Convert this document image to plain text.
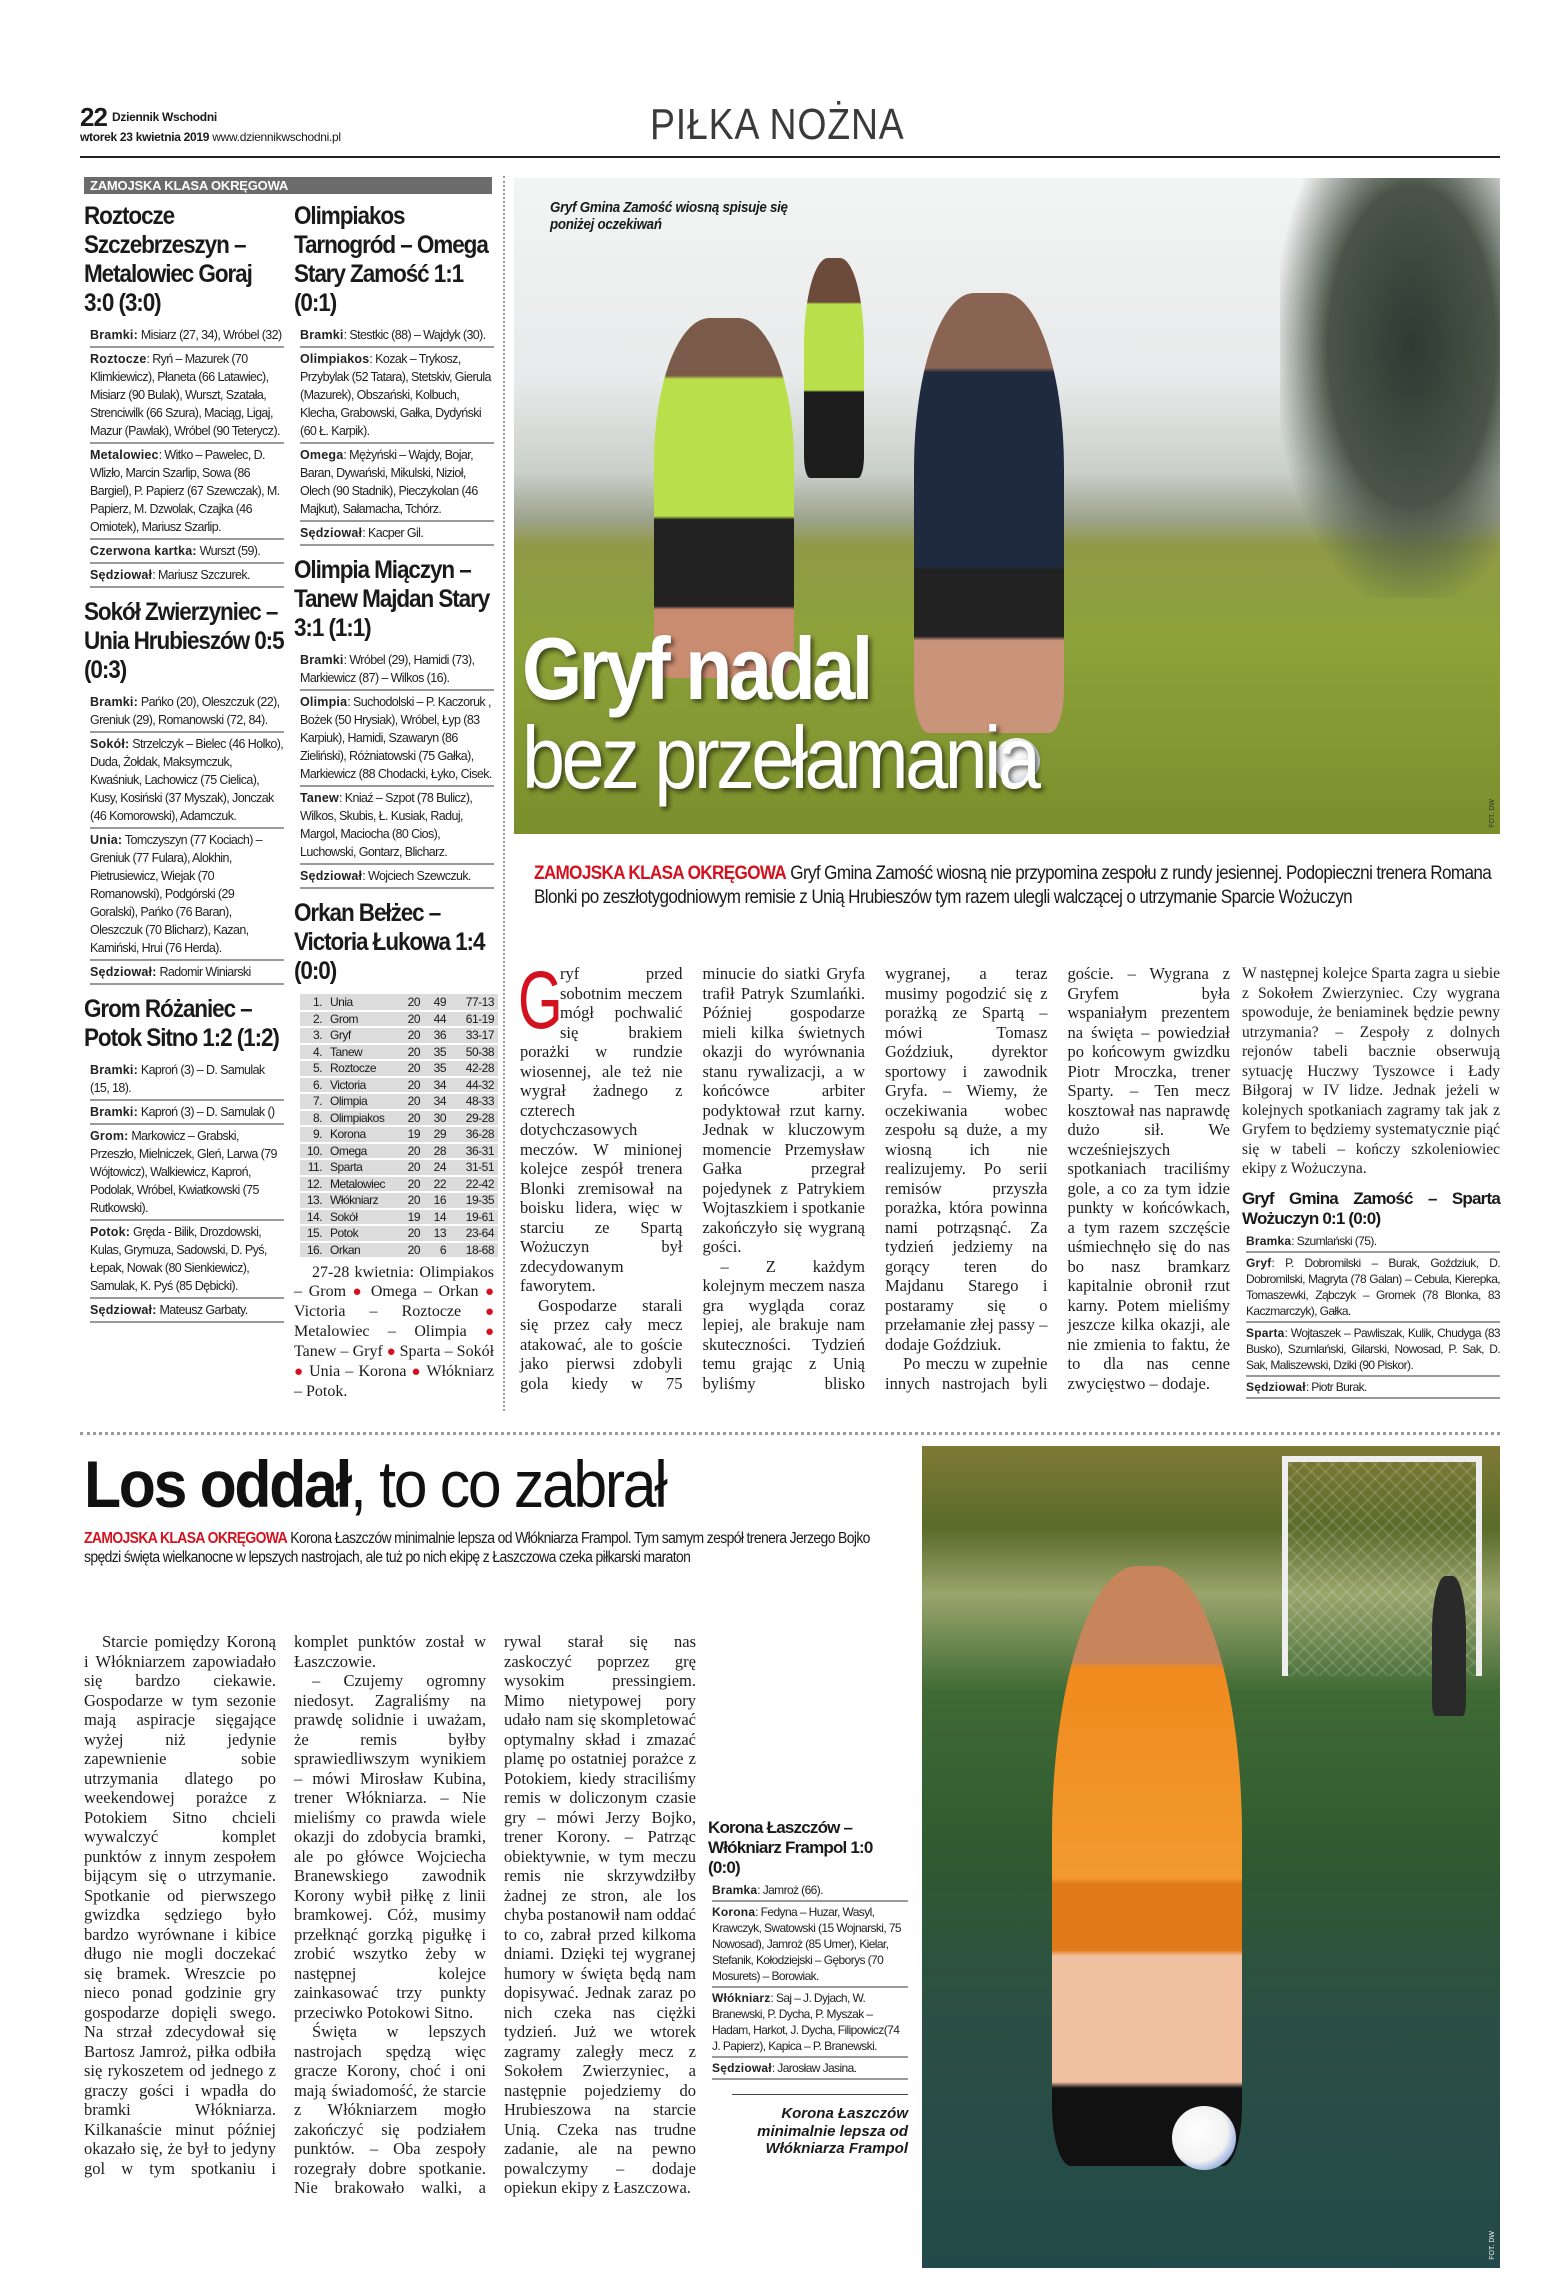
22 Dziennik Wschodni
wtorek 23 kwietnia 2019 www.dziennikwschodni.pl	PIŁKA NOŻNA
ZAMOJSKA KLASA OKRĘGOWA
Roztocze Szczebrzeszyn – Metalowiec Goraj 3:0 (3:0)
Bramki: Misiarz (27, 34), Wróbel (32)
Roztocze: Ryń – Mazurek (70 Klimkiewicz), Płaneta (66 Latawiec), Misiarz (90 Bulak), Wurszt, Szatała, Strenciwilk (66 Szura), Maciąg, Ligaj, Mazur (Pawlak), Wróbel (90 Teterycz).
Metalowiec: Witko – Pawelec, D. Wlizło, Marcin Szarlip, Sowa (86 Bargiel), P. Papierz (67 Szewczak), M. Papierz, M. Dzwolak, Czajka (46 Omiotek), Mariusz Szarlip.
Czerwona kartka: Wurszt (59).
Sędziował: Mariusz Szczurek.
Sokół Zwierzyniec – Unia Hrubieszów 0:5 (0:3)
Bramki: Pańko (20), Oleszczuk (22), Greniuk (29), Romanowski (72, 84).
Sokół: Strzelczyk – Bielec (46 Holko), Duda, Żołdak, Maksymczuk, Kwaśniuk, Lachowicz (75 Cielica), Kusy, Kosiński (37 Myszak), Jonczak (46 Komorowski), Adamczuk.
Unia: Tomczyszyn (77 Kociach) – Greniuk (77 Fulara), Alokhin, Pietrusiewicz, Wiejak (70 Romanowski), Podgórski (29 Goralski), Pańko (76 Baran), Oleszczuk (70 Blicharz), Kazan, Kamiński, Hrui (76 Herda).
Sędziował: Radomir Winiarski
Grom Różaniec – Potok Sitno 1:2 (1:2)
Bramki: Kaproń (3) – D. Samulak (15, 18).
Bramki: Kaproń (3) – D. Samulak ()
Grom: Markowicz – Grabski, Przeszło, Mielniczek, Gleń, Larwa (79 Wójtowicz), Walkiewicz, Kaproń, Podolak, Wróbel, Kwiatkowski (75 Rutkowski).
Potok: Gręda - Bilik, Drozdowski, Kulas, Grymuza, Sadowski, D. Pyś, Łepak, Nowak (80 Sienkiewicz), Samulak, K. Pyś (85 Dębicki).
Sędziował: Mateusz Garbaty.
Olimpiakos Tarnogród – Omega Stary Zamość 1:1 (0:1)
Bramki: Stestkic (88) – Wajdyk (30).
Olimpiakos: Kozak – Trykosz, Przybylak (52 Tatara), Stetskiv, Gierula (Mazurek), Obszański, Kolbuch, Klecha, Grabowski, Gałka, Dydyński (60 Ł. Karpik).
Omega: Mężyński – Wajdy, Bojar, Baran, Dywański, Mikulski, Nizioł, Olech (90 Stadnik), Pieczykolan (46 Majkut), Sałamacha, Tchórz.
Sędziował: Kacper Gil.
Olimpia Miączyn – Tanew Majdan Stary 3:1 (1:1)
Bramki: Wróbel (29), Hamidi (73), Markiewicz (87) – Wilkos (16).
Olimpia: Suchodolski – P. Kaczoruk , Bożek (50 Hrysiak), Wróbel, Łyp (83 Karpiuk), Hamidi, Szawaryn (86 Zieliński), Różniatowski (75 Gałka), Markiewicz (88 Chodacki, Łyko, Cisek.
Tanew: Kniaź – Szpot (78 Bulicz), Wilkos, Skubis, Ł. Kusiak, Raduj, Margol, Maciocha (80 Cios), Luchowski, Gontarz, Blicharz.
Sędziował: Wojciech Szewczuk.
Orkan Bełżec – Victoria Łukowa 1:4 (0:0)
1.	Unia	20	49	77-13
2.	Grom	20	44	61-19
3.	Gryf	20	36	33-17
4.	Tanew	20	35	50-38
5.	Roztocze	20	35	42-28
6.	Victoria	20	34	44-32
7.	Olimpia	20	34	48-33
8.	Olimpiakos	20	30	29-28
9.	Korona	19	29	36-28
10.	Omega	20	28	36-31
11.	Sparta	20	24	31-51
12.	Metalowiec	20	22	22-42
13.	Włókniarz	20	16	19-35
14.	Sokół	19	14	19-61
15.	Potok	20	13	23-64
16.	Orkan	20	6	18-68
27-28 kwietnia: Olimpiakos – Grom ● Omega – Orkan ● Victoria – Roztocze ● Metalowiec – Olimpia ● Tanew – Gryf ● Sparta – Sokół ● Unia – Korona ● Włókniarz – Potok.
Gryf Gmina Zamość wiosną spisuje się poniżej oczekiwań
Gryf nadal
bez przełamania
FOT. DW
ZAMOJSKA KLASA OKRĘGOWA Gryf Gmina Zamość wiosną nie przypomina zespołu z rundy jesiennej. Podopieczni trenera Romana Blonki po zeszłotygodniowym remisie z Unią Hrubieszów tym razem ulegli walczącej o utrzymanie Sparcie Wożuczyn

G
ryf przed sobotnim meczem mógł pochwalić się brakiem porażki w rundzie wiosennej, ale też nie wygrał żadnego z czterech dotychczasowych meczów. W minionej kolejce zespół trenera Blonki zremisował na boisku lidera, więc w starciu ze Spartą Wożuczyn był zdecydowanym faworytem.

Gospodarze starali się przez cały mecz atakować, ale to goście jako pierwsi zdobyli gola kiedy w 75 minucie do siatki Gryfa trafił Patryk Szumlańki. Później gospodarze mieli kilka świetnych okazji do wyrównania stanu rywalizacji, a w końcówce arbiter podyktował rzut karny. Jednak w kluczowym momencie Przemysław Gałka przegrał pojedynek z Patrykiem Wojtaszkiem i spotkanie zakończyło się wygraną gości.

– Z każdym kolejnym meczem nasza gra wygląda coraz lepiej, ale brakuje nam skuteczności. Tydzień temu grając z Unią byliśmy blisko wygranej, a teraz musimy pogodzić się z porażką ze Spartą – mówi Tomasz Goździuk, dyrektor sportowy i zawodnik Gryfa. – Wiemy, że oczekiwania wobec zespołu są duże, a my wiosną ich nie realizujemy. Po serii remisów przyszła porażka, która powinna nami potrząsnąć. Za tydzień jedziemy na gorący teren do Majdanu Starego i postaramy się o przełamanie złej passy – dodaje Goździuk.

Po meczu w zupełnie innych nastrojach byli goście. – Wygrana z Gryfem była wspaniałym prezentem na święta – powiedział po końcowym gwizdku Piotr Mroczka, trener Sparty. – Ten mecz kosztował nas naprawdę dużo sił. We wcześniejszych spotkaniach traciliśmy gole, a co za tym idzie punkty w końcówkach, a tym razem szczęście uśmiechnęło się do nas bo nasz bramkarz kapitalnie obronił rzut karny. Potem mieliśmy jeszcze kilka okazji, ale nie zmienia to faktu, że to dla nas cenne zwycięstwo – dodaje.

W następnej kolejce Sparta zagra u siebie z Sokołem Zwierzyniec. Czy wygrana spowoduje, że beniaminek będzie pewny utrzymania? – Zespoły z dolnych rejonów tabeli bacznie obserwują sytuację Huczwy Tyszowce i Łady Biłgoraj w IV lidze. Jednak jeżeli w kolejnych spotkaniach zagramy tak jak z Gryfem to będziemy systematycznie piąć się w tabeli – kończy szkoleniowiec ekipy z Wożuczyna.

Gryf Gmina Zamość – Sparta Wożuczyn 0:1 (0:0)
Bramka: Szumlański (75).
Gryf: P. Dobromilski – Burak, Goździuk, D. Dobromilski, Magryta (78 Galan) – Cebula, Kierepka, Tomaszewki, Ząbczyk – Gromek (78 Blonka, 83 Kaczmarczyk), Gałka.
Sparta: Wojtaszek – Pawliszak, Kulik, Chudyga (83 Busko), Szumlański, Gilarski, Nowosad, P. Sak, D. Sak, Maliszewski, Dziki (90 Piskor).
Sędziował: Piotr Burak.
Los oddał, to co zabrał
ZAMOJSKA KLASA OKRĘGOWA Korona Łaszczów minimalnie lepsza od Włókniarza Frampol. Tym samym zespół trenera Jerzego Bojko spędzi święta wielkanocne w lepszych nastrojach, ale tuż po nich ekipę z Łaszczowa czeka piłkarski maraton

Starcie pomiędzy Koroną i Włókniarzem zapowiadało się bardzo ciekawie. Gospodarze w tym sezonie mają aspiracje sięgające wyżej niż jedynie zapewnienie sobie utrzymania dlatego po weekendowej porażce z Potokiem Sitno chcieli wywalczyć komplet punktów z innym zespołem bijącym się o utrzymanie. Spotkanie od pierwszego gwizdka sędziego było bardzo wyrównane i kibice długo nie mogli doczekać się bramek. Wreszcie po nieco ponad godzinie gry gospodarze dopięli swego. Na strzał zdecydował się Bartosz Jamroż, piłka odbiła się rykoszetem od jednego z graczy gości i wpadła do bramki Włókniarza. Kilkanaście minut później okazało się, że był to jedyny gol w tym spotkaniu i komplet punktów został w Łaszczowie.

– Czujemy ogromny niedosyt. Zagraliśmy na prawdę solidnie i uważam, że remis byłby sprawiedliwszym wynikiem – mówi Mirosław Kubina, trener Włókniarza. – Nie mieliśmy co prawda wiele okazji do zdobycia bramki, ale po główce Wojciecha Branewskiego zawodnik Korony wybił piłkę z linii bramkowej. Cóż, musimy przełknąć gorzką pigułkę i zrobić wszytko żeby w następnej kolejce zainkasować trzy punkty przeciwko Potokowi Sitno.

Święta w lepszych nastrojach spędzą więc gracze Korony, choć i oni mają świadomość, że starcie z Włókniarzem mogło zakończyć się podziałem punktów. – Oba zespoły rozegrały dobre spotkanie. Nie brakowało walki, a rywal starał się nas zaskoczyć poprzez grę wysokim pressingiem. Mimo nietypowej pory udało nam się skompletować optymalny skład i zmazać plamę po ostatniej porażce z Potokiem, kiedy straciliśmy remis w doliczonym czasie gry – mówi Jerzy Bojko, trener Korony. – Patrząc obiektywnie, w tym meczu remis nie skrzywdziłby żadnej ze stron, ale los chyba postanowił nam oddać to co, zabrał przed kilkoma dniami. Dzięki tej wygranej humory w święta będą nam dopisywać. Jednak zaraz po nich czeka nas ciężki tydzień. Już we wtorek zagramy zaległy mecz z Sokołem Zwierzyniec, a następnie pojedziemy do Hrubieszowa na starcie Unią. Czeka nas trudne zadanie, ale na pewno powalczymy – dodaje opiekun ekipy z Łaszczowa.

Korona Łaszczów – Włókniarz Frampol 1:0 (0:0)
Bramka: Jamroż (66).
Korona: Fedyna – Huzar, Wasyl, Krawczyk, Swatowski (15 Wojnarski, 75 Nowosad), Jamroż (85 Umer), Kielar, Stefanik, Kołodziejski – Gęborys (70 Mosurets) – Borowiak.
Włókniarz: Saj – J. Dyjach, W. Branewski, P. Dycha, P. Myszak – Hadam, Harkot, J. Dycha, Filipowicz(74 J. Papierz), Kapica – P. Branewski.
Sędziował: Jarosław Jasina.
Korona Łaszczów minimalnie lepsza od Włókniarza Frampol
FOT. DW
